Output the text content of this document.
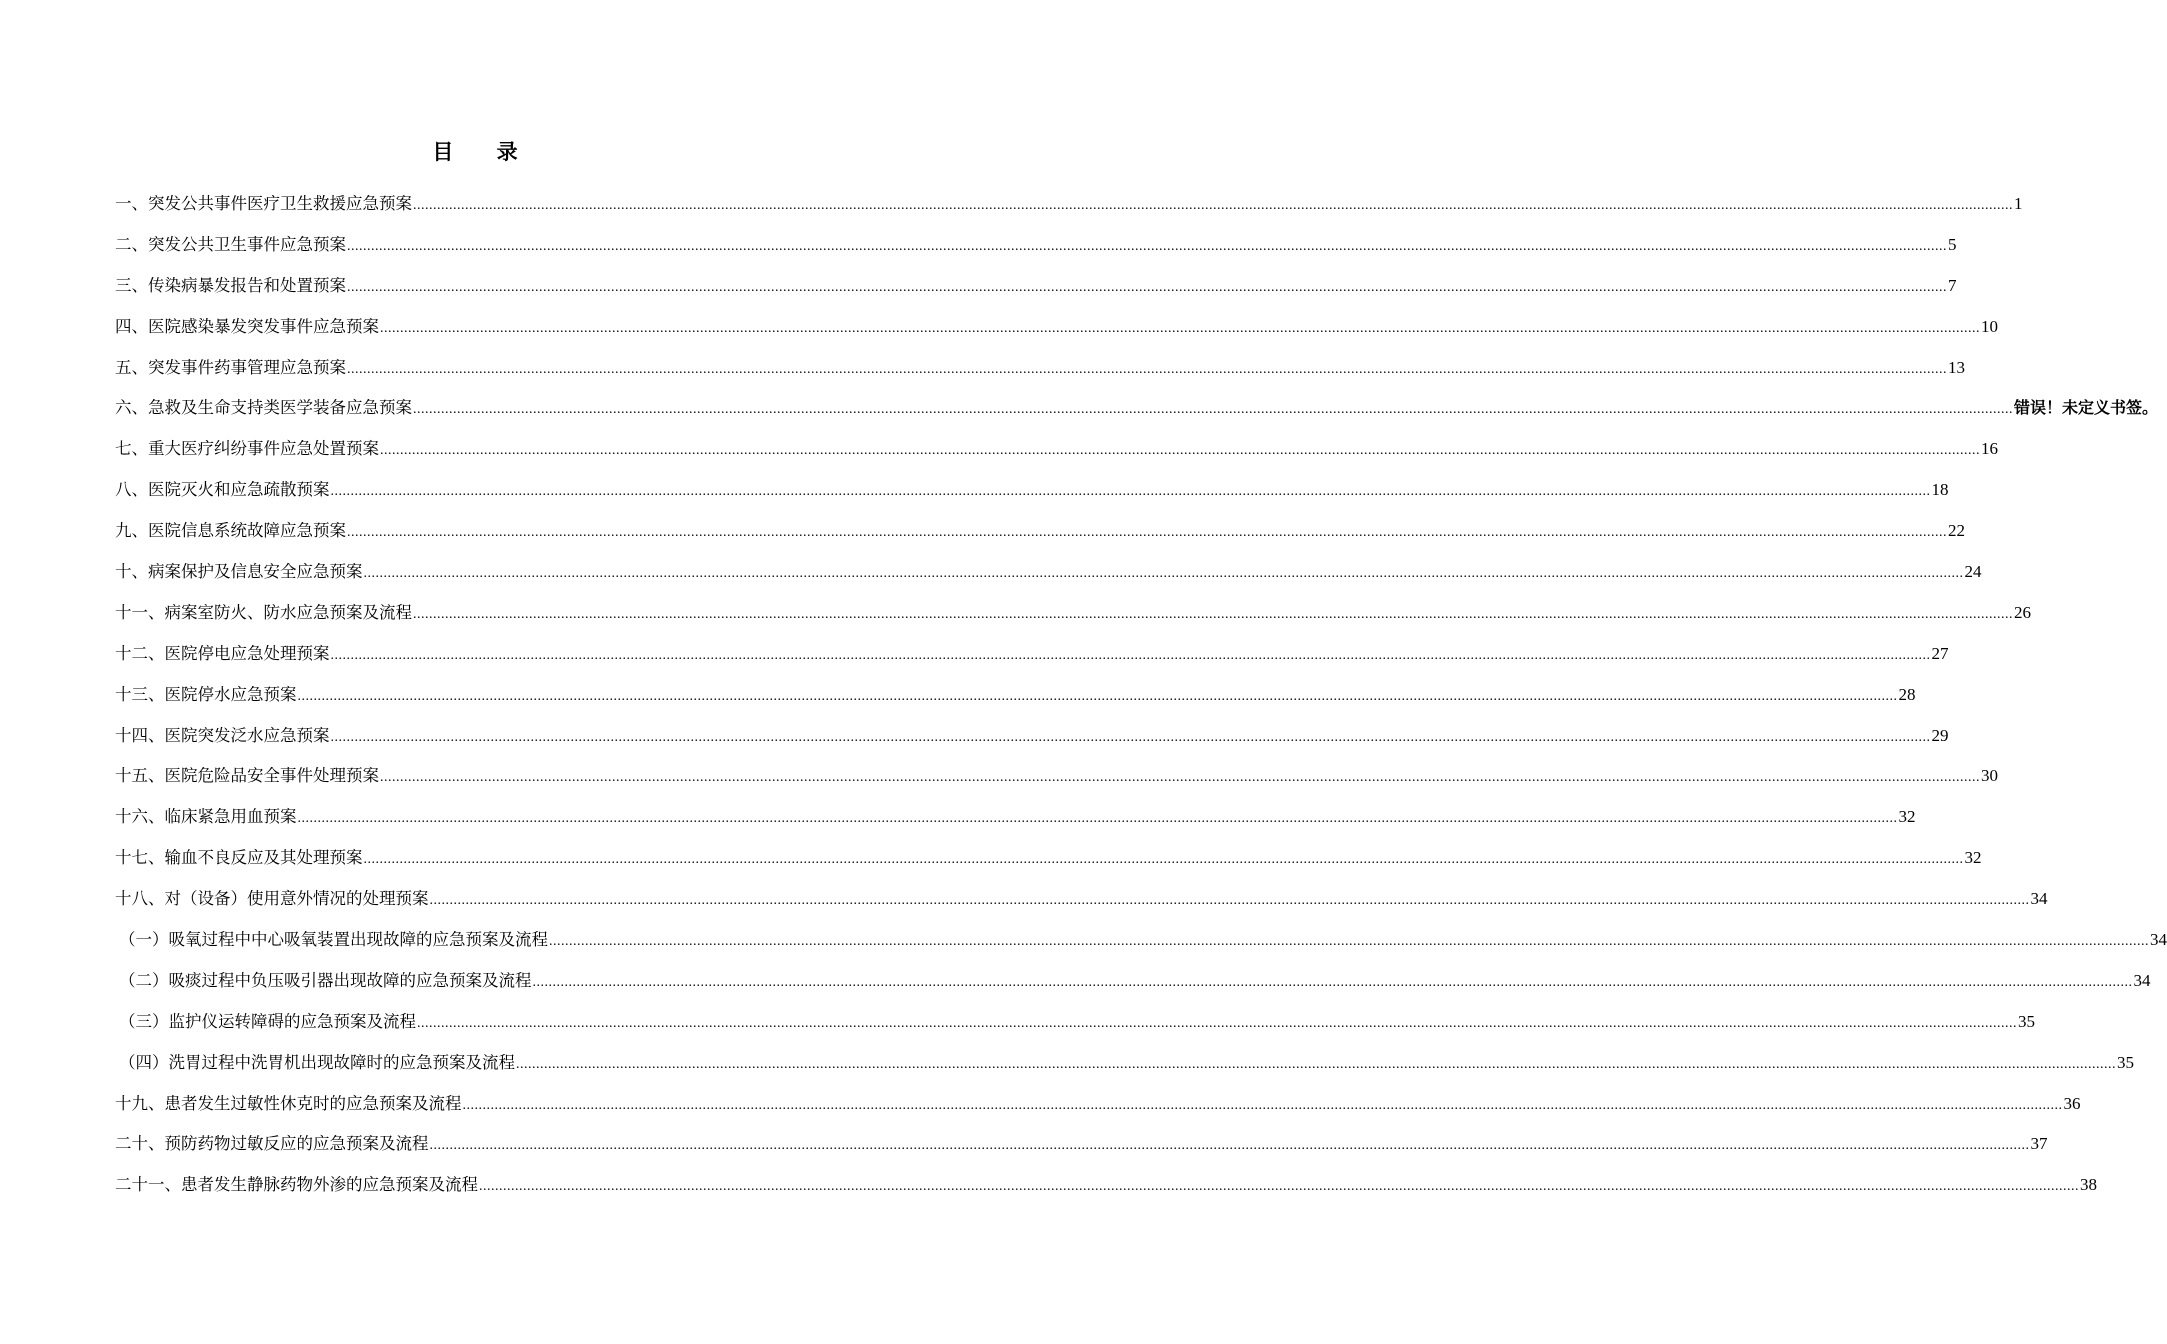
目 录
一、突发公共事件医疗卫生救援应急预案 ................................................................................................................................................................................................................................................................................................................................................................................................................ 1
二、突发公共卫生事件应急预案 ................................................................................................................................................................................................................................................................................................................................................................................................................ 5
三、传染病暴发报告和处置预案 ................................................................................................................................................................................................................................................................................................................................................................................................................ 7
四、医院感染暴发突发事件应急预案 ................................................................................................................................................................................................................................................................................................................................................................................................................ 10
五、突发事件药事管理应急预案 ................................................................................................................................................................................................................................................................................................................................................................................................................ 13
六、急救及生命支持类医学装备应急预案 ................................................................................................................................................................................................................................................................................................................................................................................................................ 错误！未定义书签。
七、重大医疗纠纷事件应急处置预案 ................................................................................................................................................................................................................................................................................................................................................................................................................ 16
八、医院灭火和应急疏散预案 ................................................................................................................................................................................................................................................................................................................................................................................................................ 18
九、医院信息系统故障应急预案 ................................................................................................................................................................................................................................................................................................................................................................................................................ 22
十、病案保护及信息安全应急预案 ................................................................................................................................................................................................................................................................................................................................................................................................................ 24
十一、病案室防火、防水应急预案及流程 ................................................................................................................................................................................................................................................................................................................................................................................................................ 26
十二、医院停电应急处理预案 ................................................................................................................................................................................................................................................................................................................................................................................................................ 27
十三、医院停水应急预案 ................................................................................................................................................................................................................................................................................................................................................................................................................ 28
十四、医院突发泛水应急预案 ................................................................................................................................................................................................................................................................................................................................................................................................................ 29
十五、医院危险品安全事件处理预案 ................................................................................................................................................................................................................................................................................................................................................................................................................ 30
十六、临床紧急用血预案 ................................................................................................................................................................................................................................................................................................................................................................................................................ 32
十七、输血不良反应及其处理预案 ................................................................................................................................................................................................................................................................................................................................................................................................................ 32
十八、对（设备）使用意外情况的处理预案 ................................................................................................................................................................................................................................................................................................................................................................................................................ 34
（一）吸氧过程中中心吸氧装置出现故障的应急预案及流程 ................................................................................................................................................................................................................................................................................................................................................................................................................ 34
（二）吸痰过程中负压吸引器出现故障的应急预案及流程 ................................................................................................................................................................................................................................................................................................................................................................................................................ 34
（三）监护仪运转障碍的应急预案及流程 ................................................................................................................................................................................................................................................................................................................................................................................................................ 35
（四）洗胃过程中洗胃机出现故障时的应急预案及流程 ................................................................................................................................................................................................................................................................................................................................................................................................................ 35
十九、患者发生过敏性休克时的应急预案及流程 ................................................................................................................................................................................................................................................................................................................................................................................................................ 36
二十、预防药物过敏反应的应急预案及流程 ................................................................................................................................................................................................................................................................................................................................................................................................................ 37
二十一、患者发生静脉药物外渗的应急预案及流程 ................................................................................................................................................................................................................................................................................................................................................................................................................ 38
